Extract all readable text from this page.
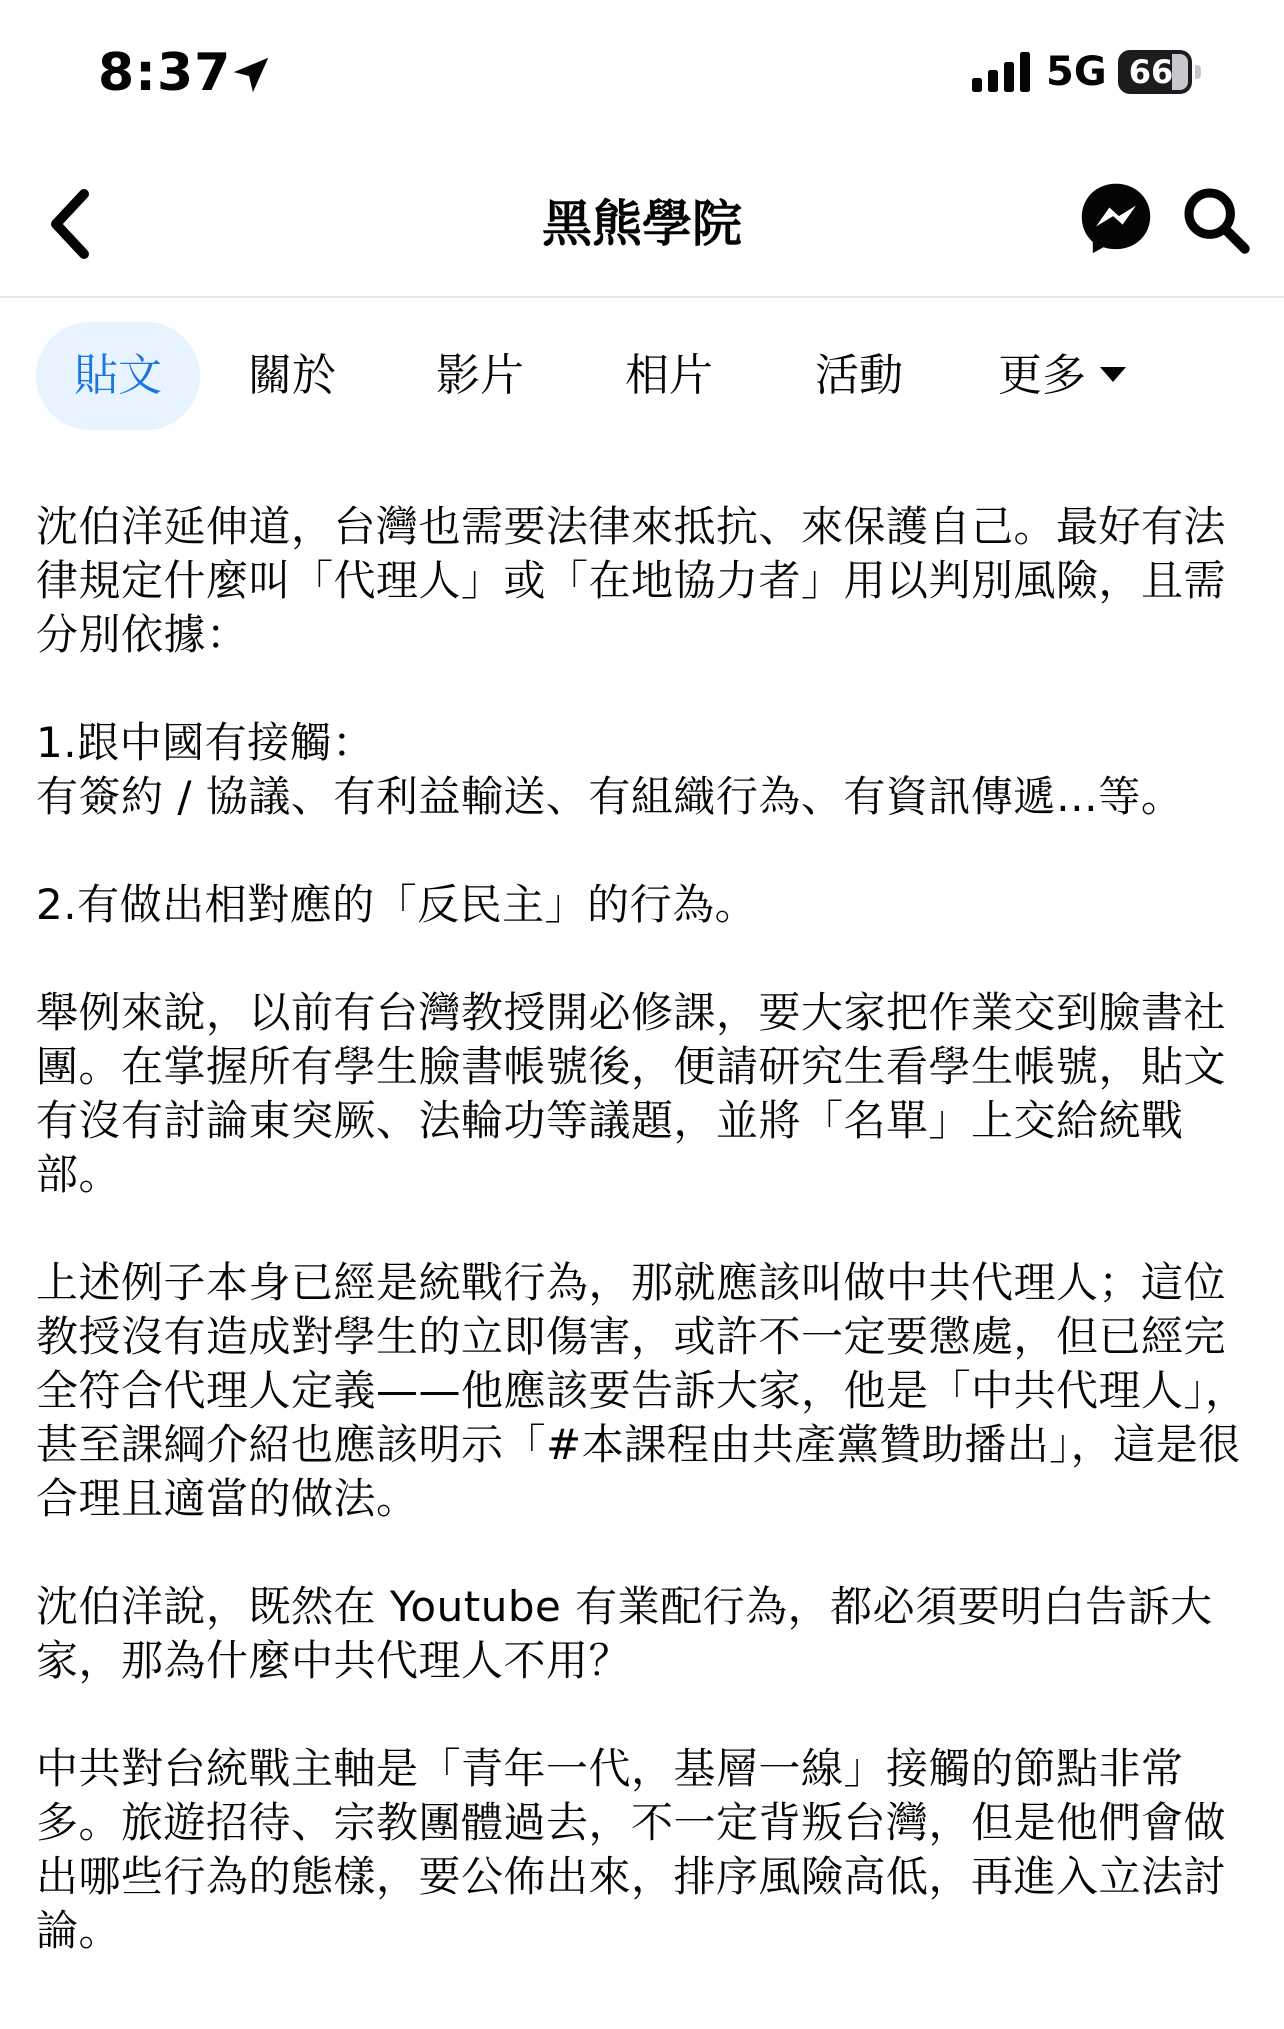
8:37	5G 66
黑熊學院
貼文	關於 影片 相片 活動 更多

沈伯洋延伸道，台灣也需要法律來抵抗、來保護自己。最好有法律規定什麼叫「代理人」或「在地協力者」用以判別風險，且需分別依據：

1.跟中國有接觸：
有簽約 / 協議、有利益輸送、有組織行為、有資訊傳遞…等。

2.有做出相對應的「反民主」的行為。

舉例來說，以前有台灣教授開必修課，要大家把作業交到臉書社團。在掌握所有學生臉書帳號後，便請研究生看學生帳號，貼文有沒有討論東突厥、法輪功等議題，並將「名單」上交給統戰部。

上述例子本身已經是統戰行為，那就應該叫做中共代理人；這位教授沒有造成對學生的立即傷害，或許不一定要懲處，但已經完全符合代理人定義——他應該要告訴大家，他是「中共代理人」，甚至課綱介紹也應該明示「#本課程由共產黨贊助播出」，這是很合理且適當的做法。

沈伯洋說，既然在 Youtube 有業配行為，都必須要明白告訴大家，那為什麼中共代理人不用？

中共對台統戰主軸是「青年一代，基層一線」接觸的節點非常多。旅遊招待、宗教團體過去，不一定背叛台灣，但是他們會做出哪些行為的態樣，要公佈出來，排序風險高低，再進入立法討論。
